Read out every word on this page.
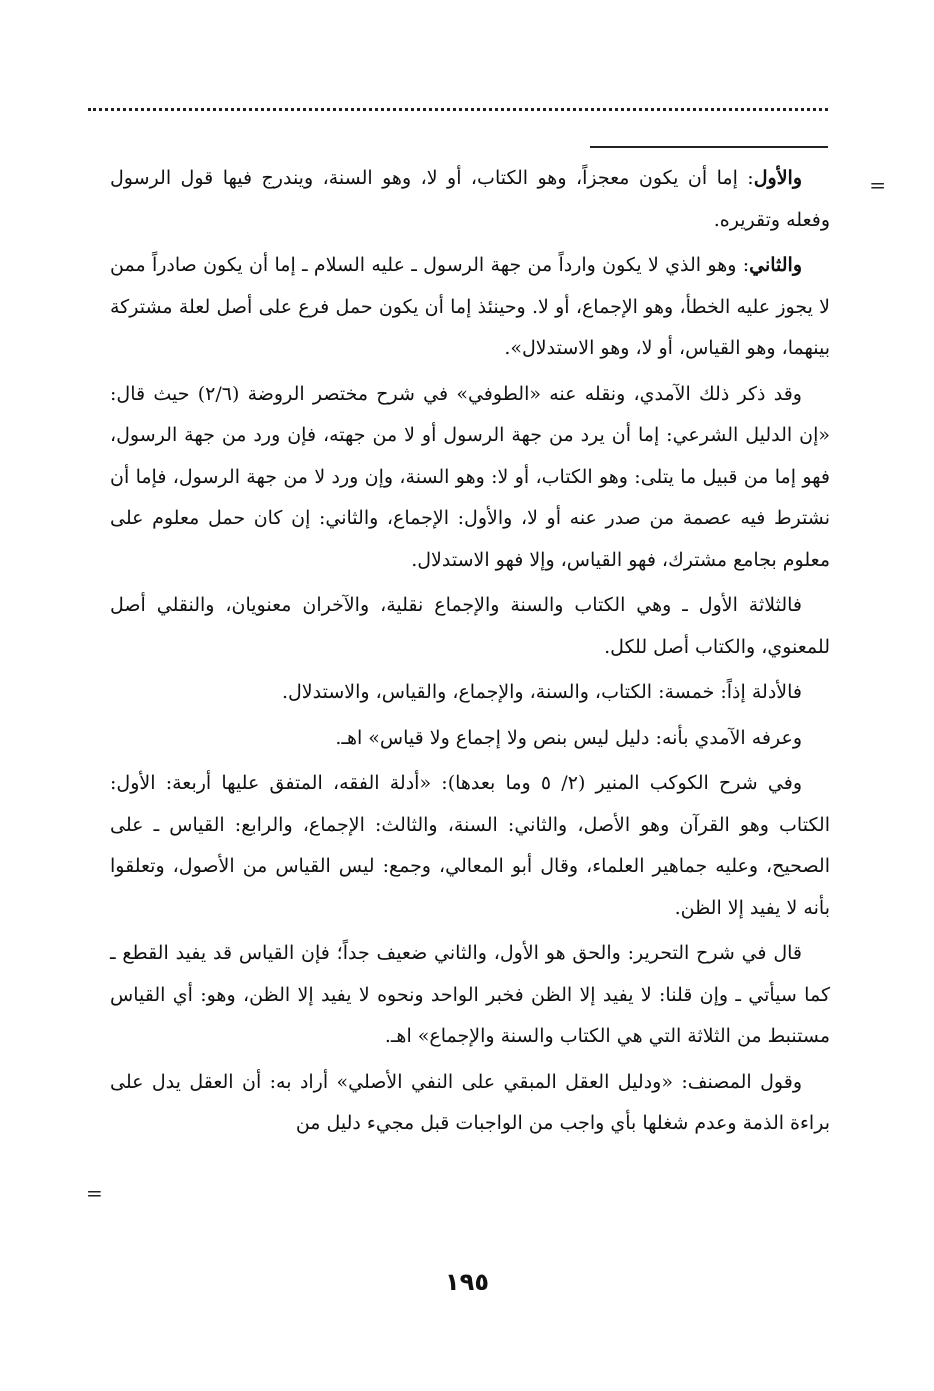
=

والأول: إما أن يكون معجزاً، وهو الكتاب، أو لا، وهو السنة، ويندرج فيها قول الرسول وفعله وتقريره.

والثاني: وهو الذي لا يكون وارداً من جهة الرسول ـ عليه السلام ـ إما أن يكون صادراً ممن لا يجوز عليه الخطأ، وهو الإجماع، أو لا. وحينئذ إما أن يكون حمل فرع على أصل لعلة مشتركة بينهما، وهو القياس، أو لا، وهو الاستدلال».

وقد ذكر ذلك الآمدي، ونقله عنه «الطوفي» في شرح مختصر الروضة (٢/٦) حيث قال: «إن الدليل الشرعي: إما أن يرد من جهة الرسول أو لا من جهته، فإن ورد من جهة الرسول، فهو إما من قبيل ما يتلى: وهو الكتاب، أو لا: وهو السنة، وإن ورد لا من جهة الرسول، فإما أن نشترط فيه عصمة من صدر عنه أو لا، والأول: الإجماع، والثاني: إن كان حمل معلوم على معلوم بجامع مشترك، فهو القياس، وإلا فهو الاستدلال.

فالثلاثة الأول ـ وهي الكتاب والسنة والإجماع نقلية، والآخران معنويان، والنقلي أصل للمعنوي، والكتاب أصل للكل.

فالأدلة إذاً: خمسة: الكتاب، والسنة، والإجماع، والقياس، والاستدلال.

وعرفه الآمدي بأنه: دليل ليس بنص ولا إجماع ولا قياس» اهـ.

وفي شرح الكوكب المنير (٢/ ٥ وما بعدها): «أدلة الفقه، المتفق عليها أربعة: الأول: الكتاب وهو القرآن وهو الأصل، والثاني: السنة، والثالث: الإجماع، والرابع: القياس ـ على الصحيح، وعليه جماهير العلماء، وقال أبو المعالي، وجمع: ليس القياس من الأصول، وتعلقوا بأنه لا يفيد إلا الظن.

قال في شرح التحرير: والحق هو الأول، والثاني ضعيف جداً؛ فإن القياس قد يفيد القطع ـ كما سيأتي ـ وإن قلنا: لا يفيد إلا الظن فخبر الواحد ونحوه لا يفيد إلا الظن، وهو: أي القياس مستنبط من الثلاثة التي هي الكتاب والسنة والإجماع» اهـ.

وقول المصنف: «ودليل العقل المبقي على النفي الأصلي» أراد به: أن العقل يدل على براءة الذمة وعدم شغلها بأي واجب من الواجبات قبل مجيء دليل من

=
١٩٥
